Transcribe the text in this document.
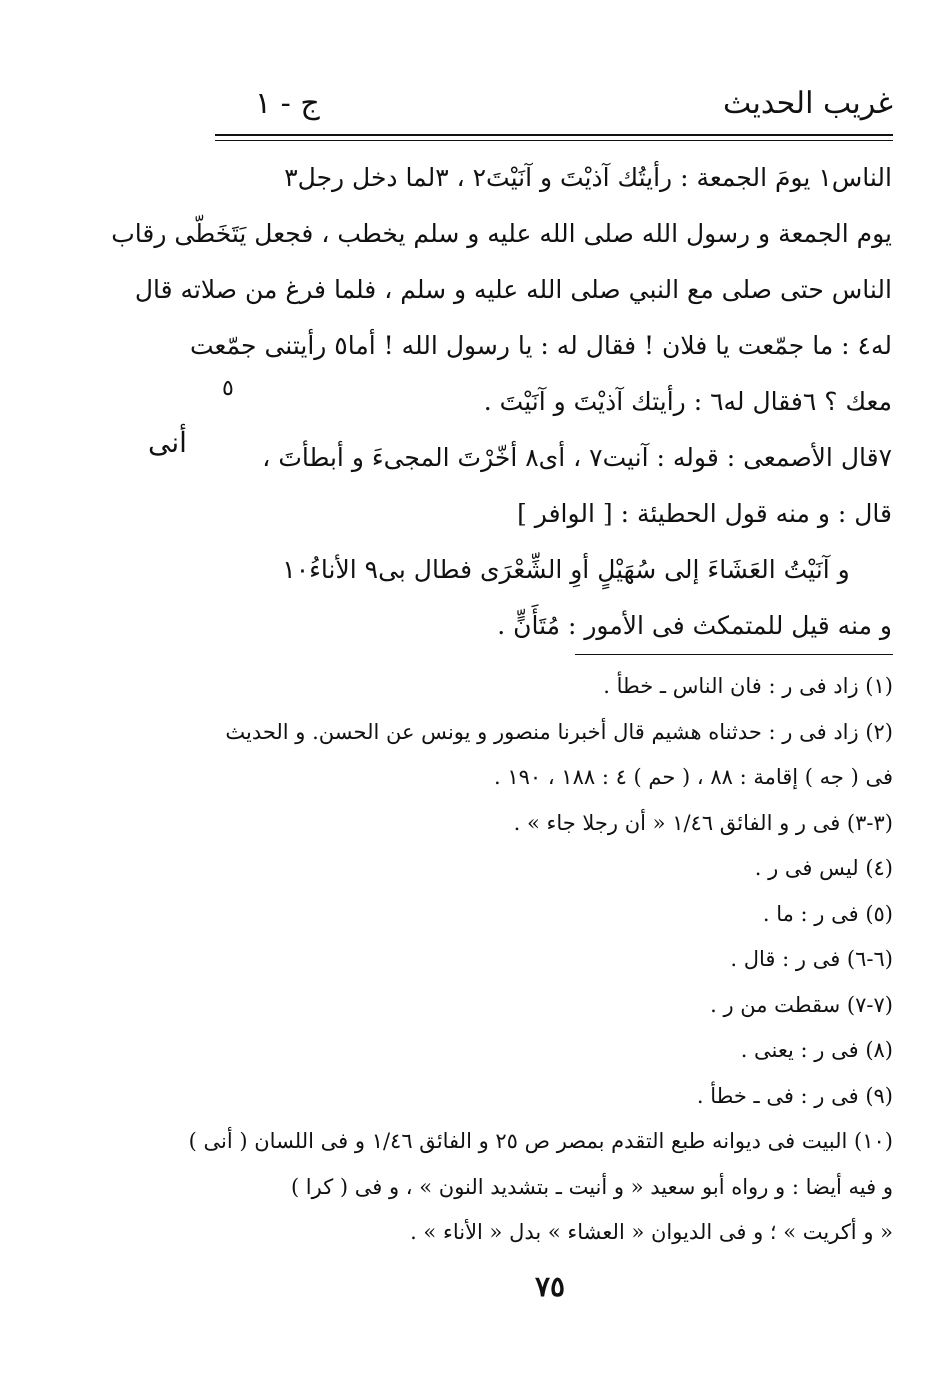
غريب الحديث
ج - ١
الناس١ يومَ الجمعة : رأيتُك آذيْتَ و آنَيْتَ٢ ، ٣لما دخل رجل٣
يوم الجمعة و رسول الله صلى الله عليه و سلم يخطب ، فجعل يَتَخَطّى رقاب
الناس حتى صلى مع النبي صلى الله عليه و سلم ، فلما فرغ من صلاته قال
له٤ : ما جمّعت يا فلان ! فقال له : يا رسول الله ! أما٥ رأيتنى جمّعت
معك ؟ ٦فقال له٦ : رأيتك آذيْتَ و آنَيْتَ .
٧قال الأصمعى : قوله : آنيت٧ ، أى٨ أخّرْتَ المجىءَ و أبطأتَ ،
قال : و منه قول الحطيئة : [ الوافر ]
و آنَيْتُ العَشَاءَ إلى سُهَيْلٍ أوِ الشِّعْرَى فطال بى٩ الأناءُ١٠
و منه قيل للمتمكث فى الأمور : مُتَأَنٍّ .
٥
أنى
(١) زاد فى ر : فان الناس ـ خطأ .
(٢) زاد فى ر : حدثناه هشيم قال أخبرنا منصور و يونس عن الحسن. و الحديث
فى ( جه ) إقامة : ٨٨ ، ( حم ) ٤ : ١٨٨ ، ١٩٠ .
(٣-٣) فى ر و الفائق ١/٤٦ « أن رجلا جاء » .
(٤) ليس فى ر .
(٥) فى ر : ما .
(٦-٦) فى ر : قال .
(٧-٧) سقطت من ر .
(٨) فى ر : يعنى .
(٩) فى ر : فى ـ خطأ .
(١٠) البيت فى ديوانه طبع التقدم بمصر ص ٢٥ و الفائق ١/٤٦ و فى اللسان ( أنى )
و فيه أيضا : و رواه أبو سعيد « و أنيت ـ بتشديد النون » ، و فى ( كرا )
« و أكريت » ؛ و فى الديوان « العشاء » بدل « الأناء » .
٧٥
